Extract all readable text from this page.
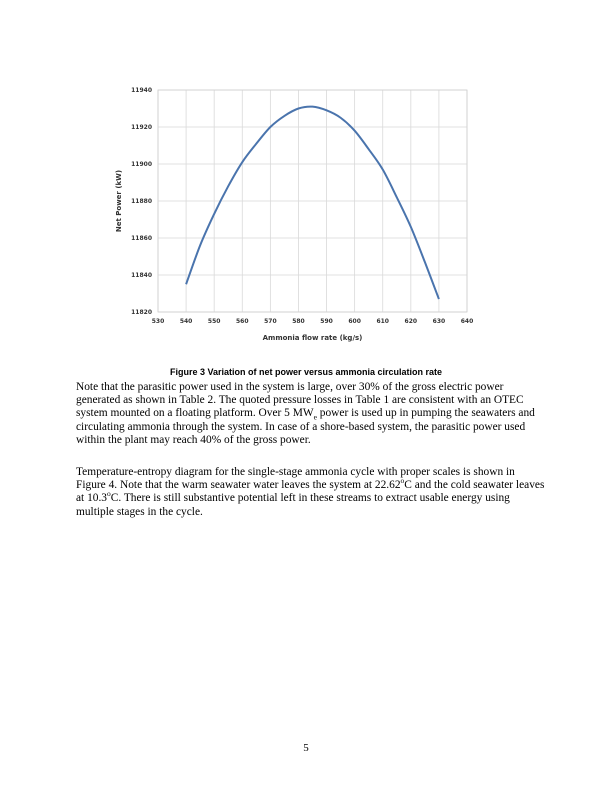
11820
11840
11860
11880
11900
11920
11940
530	540	550	560	570	580	590	600	610	620	630	640
Ammonia flow rate (kg/s)
Net Power (kW)
Figure 3 Variation of net power versus ammonia circulation rate

Note that the parasitic power used in the system is large, over 30% of the gross electric power generated as shown in Table 2. The quoted pressure losses in Table 1 are consistent with an OTEC system mounted on a floating platform. Over 5 $MW_e$ power is used up in pumping the seawaters and circulating ammonia through the system. In case of a shore-based system, the parasitic power used within the plant may reach 40% of the gross power.

Temperature-entropy diagram for the single-stage ammonia cycle with proper scales is shown in Figure 4. Note that the warm seawater water leaves the system at 22.62$^o$C and the cold seawater leaves at 10.3$^o$C. There is still substantive potential left in these streams to extract usable energy using multiple stages in the cycle.

5
